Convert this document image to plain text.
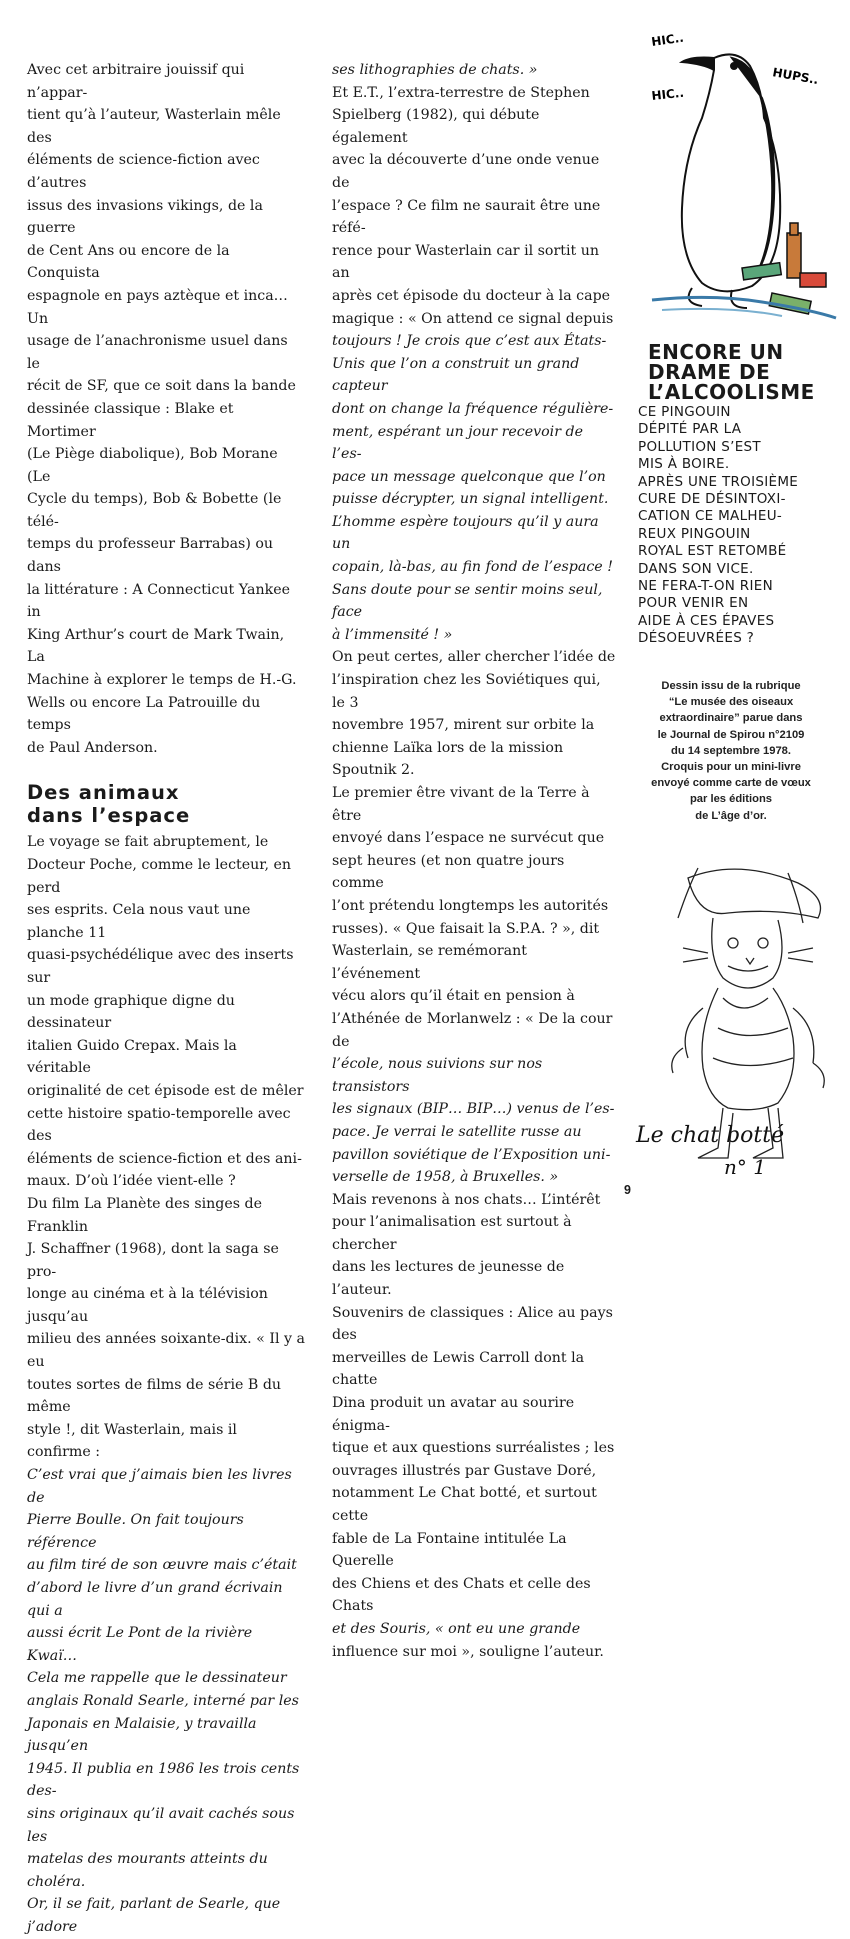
Avec cet arbitraire jouissif qui n’appar-

tient qu’à l’auteur, Wasterlain mêle des

éléments de science-fiction avec d’autres

issus des invasions vikings, de la guerre

de Cent Ans ou encore de la Conquista

espagnole en pays aztèque et inca… Un

usage de l’anachronisme usuel dans le

récit de SF, que ce soit dans la bande

dessinée classique : Blake et Mortimer

(Le Piège diabolique), Bob Morane (Le

Cycle du temps), Bob & Bobette (le télé-

temps du professeur Barrabas) ou dans

la littérature : A Connecticut Yankee in

King Arthur’s court de Mark Twain, La

Machine à explorer le temps de H.-G.

Wells ou encore La Patrouille du temps

de Paul Anderson.

Des animaux
dans l’espace

Le voyage se fait abruptement, le

Docteur Poche, comme le lecteur, en perd

ses esprits. Cela nous vaut une planche 11

quasi-psychédélique avec des inserts sur

un mode graphique digne du dessinateur

italien Guido Crepax. Mais la véritable

originalité de cet épisode est de mêler

cette histoire spatio-temporelle avec des

éléments de science-fiction et des ani-

maux. D’où l’idée vient-elle ?

Du film La Planète des singes de Franklin

J. Schaffner (1968), dont la saga se pro-

longe au cinéma et à la télévision jusqu’au

milieu des années soixante-dix. « Il y a eu

toutes sortes de films de série B du même

style !, dit Wasterlain, mais il confirme :

C’est vrai que j’aimais bien les livres de

Pierre Boulle. On fait toujours référence

au film tiré de son œuvre mais c’était

d’abord le livre d’un grand écrivain qui a

aussi écrit Le Pont de la rivière Kwaï…

Cela me rappelle que le dessinateur

anglais Ronald Searle, interné par les

Japonais en Malaisie, y travailla jusqu’en

1945. Il publia en 1986 les trois cents des-

sins originaux qu’il avait cachés sous les

matelas des mourants atteints du choléra.

Or, il se fait, parlant de Searle, que j’adore

ses lithographies de chats. »

Et E.T., l’extra-terrestre de Stephen

Spielberg (1982), qui débute également

avec la découverte d’une onde venue de

l’espace ? Ce film ne saurait être une réfé-

rence pour Wasterlain car il sortit un an

après cet épisode du docteur à la cape

magique : « On attend ce signal depuis

toujours ! Je crois que c’est aux États-

Unis que l’on a construit un grand capteur

dont on change la fréquence régulière-

ment, espérant un jour recevoir de l’es-

pace un message quelconque que l’on

puisse décrypter, un signal intelligent.

L’homme espère toujours qu’il y aura un

copain, là-bas, au fin fond de l’espace !

Sans doute pour se sentir moins seul, face

à l’immensité ! »

On peut certes, aller chercher l’idée de

l’inspiration chez les Soviétiques qui, le 3

novembre 1957, mirent sur orbite la

chienne Laïka lors de la mission Spoutnik 2.

Le premier être vivant de la Terre à être

envoyé dans l’espace ne survécut que

sept heures (et non quatre jours comme

l’ont prétendu longtemps les autorités

russes). « Que faisait la S.P.A. ? », dit

Wasterlain, se remémorant l’événement

vécu alors qu’il était en pension à

l’Athénée de Morlanwelz : « De la cour de

l’école, nous suivions sur nos transistors

les signaux (BIP… BIP…) venus de l’es-

pace. Je verrai le satellite russe au

pavillon soviétique de l’Exposition uni-

verselle de 1958, à Bruxelles. »

Mais revenons à nos chats… L’intérêt

pour l’animalisation est surtout à chercher

dans les lectures de jeunesse de l’auteur.

Souvenirs de classiques : Alice au pays des

merveilles de Lewis Carroll dont la chatte

Dina produit un avatar au sourire énigma-

tique et aux questions surréalistes ; les

ouvrages illustrés par Gustave Doré,

notamment Le Chat botté, et surtout cette

fable de La Fontaine intitulée La Querelle

des Chiens et des Chats et celle des Chats

et des Souris, « ont eu une grande

influence sur moi », souligne l’auteur.

HIC..
HUPS..
HIC..
ENCORE UN
DRAME DE
L’ALCOOLISME
CE PINGOUIN
DÉPITÉ PAR LA
POLLUTION S’EST
MIS À BOIRE.
APRÈS UNE TROISIÈME
CURE DE DÉSINTOXI-
CATION CE MALHEU-
REUX PINGOUIN
ROYAL EST RETOMBÉ
DANS SON VICE.
NE FERA-T-ON RIEN
POUR VENIR EN
AIDE À CES ÉPAVES
DÉSOEUVRÉES ?
Dessin issu de la rubrique
“Le musée des oiseaux
extraordinaire” parue dans
le Journal de Spirou n°2109
du 14 septembre 1978.
Croquis pour un mini-livre
envoyé comme carte de vœux
par les éditions
de L’âge d’or.
Le chat botté
n° 1
9
